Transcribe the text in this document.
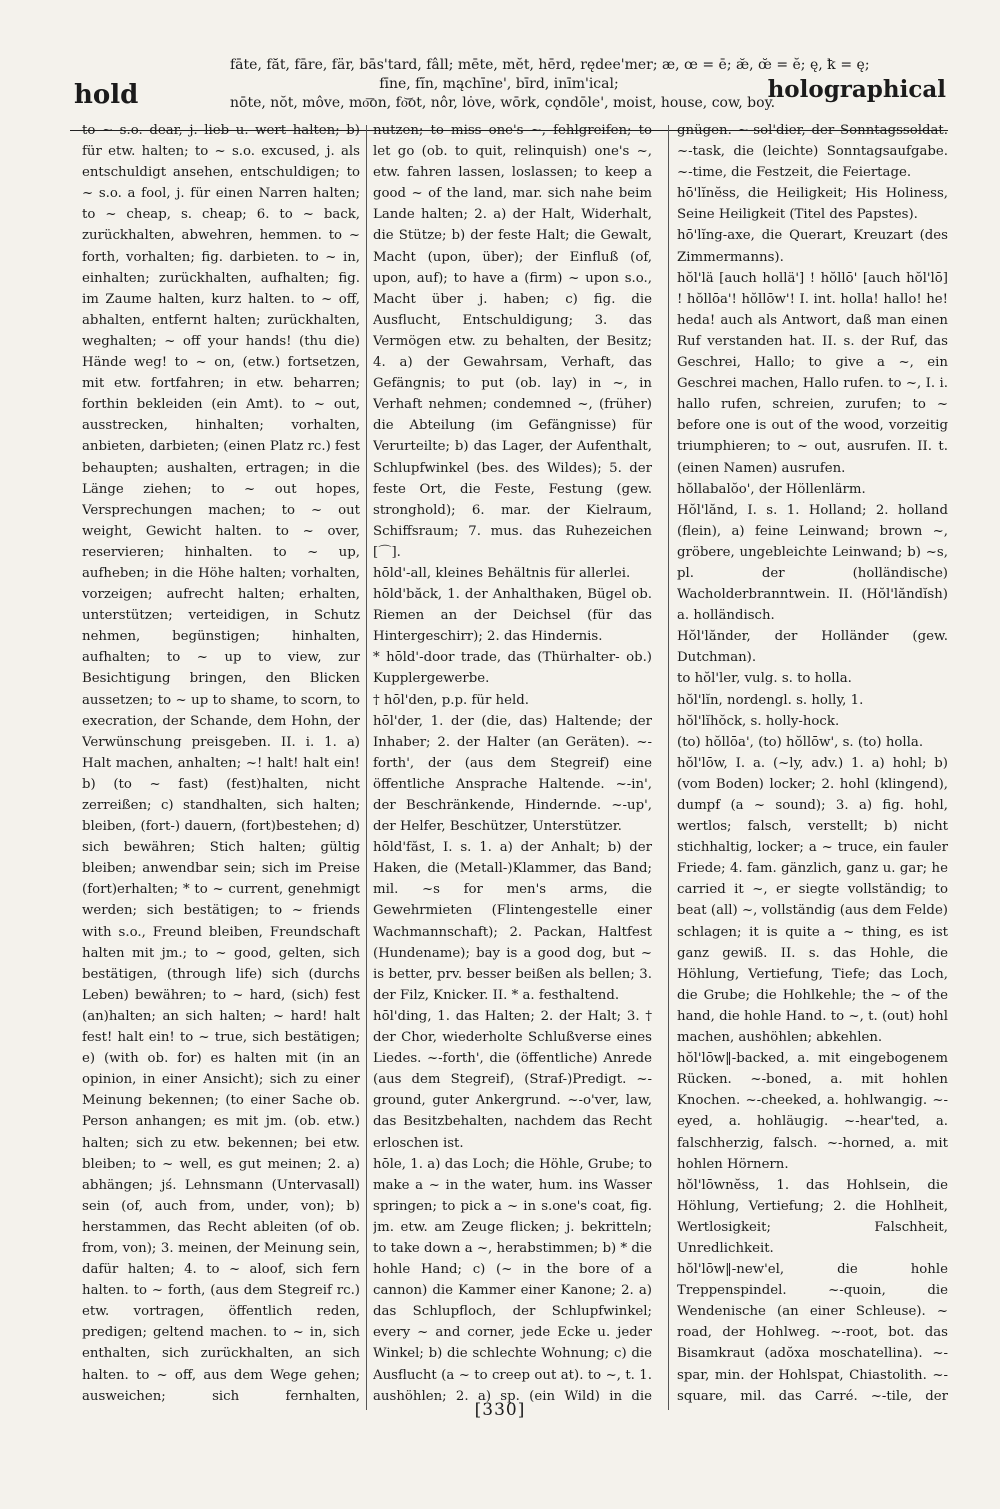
hold
fāte, făt, fāre, fär, bās'tard, fâll; mēte, mĕt, hērd, rędee'mer; æ, œ = ē; æ̆, œ̆ = ĕ; ę, ꝁ = ę;
fīne, fĭn, mąchīne', bīrd, inīm'ical;
nōte, nŏt, môve, mo͞on, fo͝ot, nôr, lȯve, wōrk, cǫndōle', moist, house, cow, boy.
holographical

to ~ s.o. dear, j. lieb u. wert halten; b) für etw. halten; to ~ s.o. excused, j. als entschuldigt ansehen, entschuldigen; to ~ s.o. a fool, j. für einen Narren halten; to ~ cheap, s. cheap; 6. to ~ back, zurückhalten, abwehren, hemmen. to ~ forth, vorhalten; fig. darbieten. to ~ in, einhalten; zurückhalten, aufhalten; fig. im Zaume halten, kurz halten. to ~ off, abhalten, entfernt halten; zurückhalten, weghalten; ~ off your hands! (thu die) Hände weg! to ~ on, (etw.) fortsetzen, mit etw. fortfahren; in etw. beharren; forthin bekleiden (ein Amt). to ~ out, ausstrecken, hinhalten; vorhalten, anbieten, darbieten; (einen Platz rc.) fest behaupten; aushalten, ertragen; in die Länge ziehen; to ~ out hopes, Versprechungen machen; to ~ out weight, Gewicht halten. to ~ over, reservieren; hinhalten. to ~ up, aufheben; in die Höhe halten; vorhalten, vorzeigen; aufrecht halten; erhalten, unterstützen; verteidigen, in Schutz nehmen, begünstigen; hinhalten, aufhalten; to ~ up to view, zur Besichtigung bringen, den Blicken aussetzen; to ~ up to shame, to scorn, to execration, der Schande, dem Hohn, der Verwünschung preisgeben. II. i. 1. a) Halt machen, anhalten; ~! halt! halt ein! b) (to ~ fast) (fest)halten, nicht zerreißen; c) standhalten, sich halten; bleiben, (fort-) dauern, (fort)bestehen; d) sich bewähren; Stich halten; gültig bleiben; anwendbar sein; sich im Preise (fort)erhalten; * to ~ current, genehmigt werden; sich bestätigen; to ~ friends with s.o., Freund bleiben, Freundschaft halten mit jm.; to ~ good, gelten, sich bestätigen, (through life) sich (durchs Leben) bewähren; to ~ hard, (sich) fest (an)halten; an sich halten; ~ hard! halt fest! halt ein! to ~ true, sich bestätigen; e) (with ob. for) es halten mit (in an opinion, in einer Ansicht); sich zu einer Meinung bekennen; (to einer Sache ob. Person anhangen; es mit jm. (ob. etw.) halten; sich zu etw. bekennen; bei etw. bleiben; to ~ well, es gut meinen; 2. a) abhängen; jś. Lehnsmann (Untervasall) sein (of, auch from, under, von); b) herstammen, das Recht ableiten (of ob. from, von); 3. meinen, der Meinung sein, dafür halten; 4. to ~ aloof, sich fern halten. to ~ forth, (aus dem Stegreif rc.) etw. vortragen, öffentlich reden, predigen; geltend machen. to ~ in, sich enthalten, sich zurückhalten, an sich halten. to ~ off, aus dem Wege gehen; ausweichen; sich fernhalten,

nutzen; to miss one's ~, fehlgreifen; to let go (ob. to quit, relinquish) one's ~, etw. fahren lassen, loslassen; to keep a good ~ of the land, mar. sich nahe beim Lande halten; 2. a) der Halt, Widerhalt, die Stütze; b) der feste Halt; die Gewalt, Macht (upon, über); der Einfluß (of, upon, auf); to have a (firm) ~ upon s.o., Macht über j. haben; c) fig. die Ausflucht, Entschuldigung; 3. das Vermögen etw. zu behalten, der Besitz; 4. a) der Gewahrsam, Verhaft, das Gefängnis; to put (ob. lay) in ~, in Verhaft nehmen; condemned ~, (früher) die Abteilung (im Gefängnisse) für Verurteilte; b) das Lager, der Aufenthalt, Schlupfwinkel (bes. des Wildes); 5. der feste Ort, die Feste, Festung (gew. stronghold); 6. mar. der Kielraum, Schiffsraum; 7. mus. das Ruhezeichen [⌒].

hōld'-all, kleines Behältnis für allerlei.

hōld'băck, 1. der Anhalthaken, Bügel ob. Riemen an der Deichsel (für das Hintergeschirr); 2. das Hindernis.

* hōld'-door trade, das (Thürhalter- ob.) Kupplergewerbe.

† hōl'den, p.p. für held.

hōl'der, 1. der (die, das) Haltende; der Inhaber; 2. der Halter (an Geräten). ~-forth', der (aus dem Stegreif) eine öffentliche Ansprache Haltende. ~-in', der Beschränkende, Hindernde. ~-up', der Helfer, Beschützer, Unterstützer.

hōld'făst, I. s. 1. a) der Anhalt; b) der Haken, die (Metall-)Klammer, das Band; mil. ~s for men's arms, die Gewehrmieten (Flintengestelle einer Wachmannschaft); 2. Packan, Haltfest (Hundename); bay is a good dog, but ~ is better, prv. besser beißen als bellen; 3. der Filz, Knicker. II. * a. festhaltend.

hōl'ding, 1. das Halten; 2. der Halt; 3. † der Chor, wiederholte Schlußverse eines Liedes. ~-forth', die (öffentliche) Anrede (aus dem Stegreif), (Straf-)Predigt. ~-ground, guter Ankergrund. ~-o'ver, law, das Besitzbehalten, nachdem das Recht erloschen ist.

hōle, 1. a) das Loch; die Höhle, Grube; to make a ~ in the water, hum. ins Wasser springen; to pick a ~ in s.one's coat, fig. jm. etw. am Zeuge flicken; j. bekritteln; to take down a ~, herabstimmen; b) * die hohle Hand; c) (~ in the bore of a cannon) die Kammer einer Kanone; 2. a) das Schlupfloch, der Schlupfwinkel; every ~ and corner, jede Ecke u. jeder Winkel; b) die schlechte Wohnung; c) die Ausflucht (a ~ to creep out at). to ~, t. 1. aushöhlen; 2. a) sp. (ein Wild) in die

gnügen. ~-sol'dier, der Sonntagssoldat. ~-task, die (leichte) Sonntagsaufgabe. ~-time, die Festzeit, die Feiertage.

hō'lĭnĕss, die Heiligkeit; His Holiness, Seine Heiligkeit (Titel des Papstes).

hō'lĭng-axe, die Querart, Kreuzart (des Zimmermanns).

hŏl'lä [auch hollä'] ! hŏllō' [auch hŏl'lō] ! hŏllōa'! hŏllōw'! I. int. holla! hallo! he! heda! auch als Antwort, daß man einen Ruf verstanden hat. II. s. der Ruf, das Geschrei, Hallo; to give a ~, ein Geschrei machen, Hallo rufen. to ~, I. i. hallo rufen, schreien, zurufen; to ~ before one is out of the wood, vorzeitig triumphieren; to ~ out, ausrufen. II. t. (einen Namen) ausrufen.

hŏllabalŏo', der Höllenlärm.

Hŏl'lănd, I. s. 1. Holland; 2. holland (flein), a) feine Leinwand; brown ~, gröbere, ungebleichte Leinwand; b) ~s, pl. der (holländische) Wacholderbranntwein. II. (Hŏl'lăndĭsh) a. holländisch.

Hŏl'lănder, der Holländer (gew. Dutchman).

to hŏl'ler, vulg. s. to holla.

hŏl'lĭn, nordengl. s. holly, 1.

hŏl'lĭhŏck, s. holly-hock.

(to) hŏllōa', (to) hŏllōw', s. (to) holla.

hŏl'lōw, I. a. (~ly, adv.) 1. a) hohl; b) (vom Boden) locker; 2. hohl (klingend), dumpf (a ~ sound); 3. a) fig. hohl, wertlos; falsch, verstellt; b) nicht stichhaltig, locker; a ~ truce, ein fauler Friede; 4. fam. gänzlich, ganz u. gar; he carried it ~, er siegte vollständig; to beat (all) ~, vollständig (aus dem Felde) schlagen; it is quite a ~ thing, es ist ganz gewiß. II. s. das Hohle, die Höhlung, Vertiefung, Tiefe; das Loch, die Grube; die Hohlkehle; the ~ of the hand, die hohle Hand. to ~, t. (out) hohl machen, aushöhlen; abkehlen.

hŏl'lōw‖-backed, a. mit eingebogenem Rücken. ~-boned, a. mit hohlen Knochen. ~-cheeked, a. hohlwangig. ~-eyed, a. hohläugig. ~-hear'ted, a. falschherzig, falsch. ~-horned, a. mit hohlen Hörnern.

hŏl'lōwnĕss, 1. das Hohlsein, die Höhlung, Vertiefung; 2. die Hohlheit, Wertlosigkeit; Falschheit, Unredlichkeit.

hŏl'lōw‖-new'el, die hohle Treppenspindel. ~-quoin, die Wendenische (an einer Schleuse). ~ road, der Hohlweg. ~-root, bot. das Bisamkraut (adŏxa moschatellina). ~-spar, min. der Hohlspat, Chiastolith. ~-square, mil. das Carré. ~-tile, der

[330]
